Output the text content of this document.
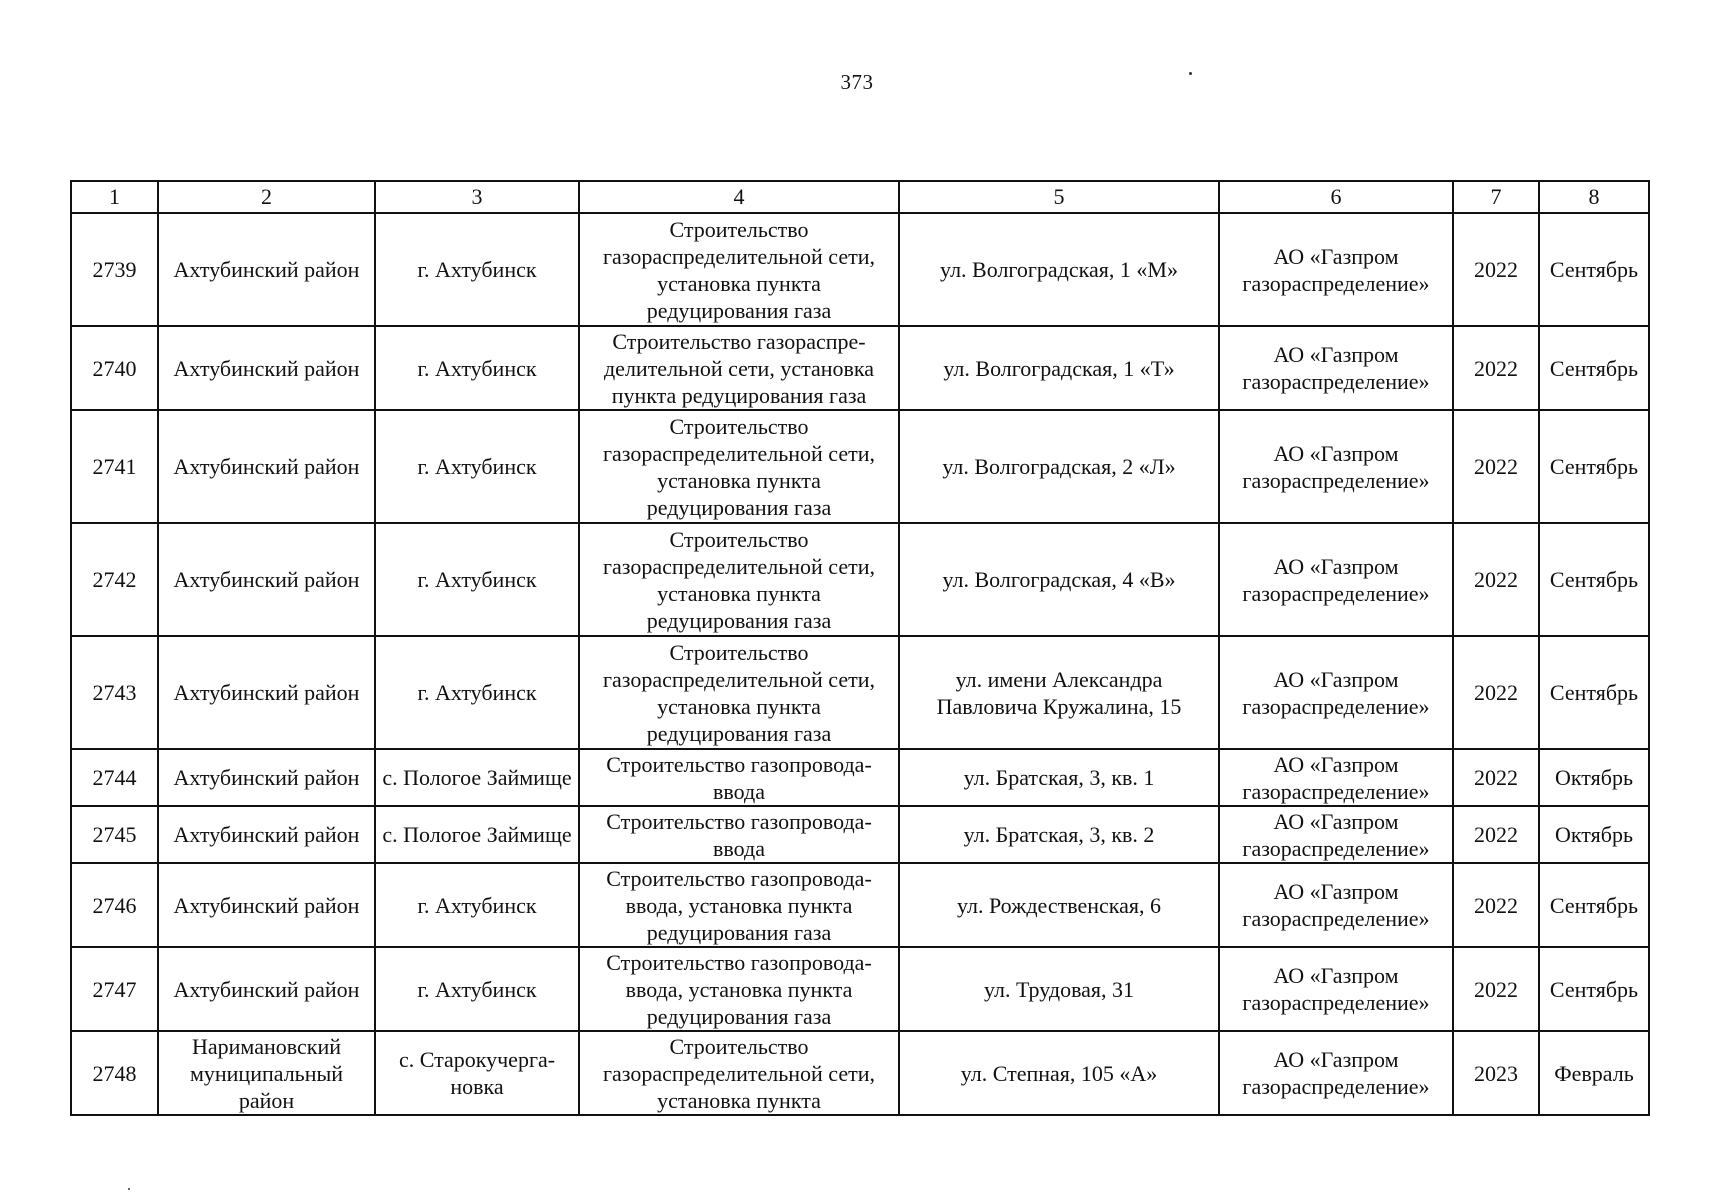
373
1	2	3	4	5	6	7	8
2739	Ахтубинский район	г. Ахтубинск	Строительство газораспределительной сети, установка пункта редуцирования газа	ул. Волгоградская, 1 «М»	АО «Газпром газораспределение»	2022	Сентябрь
2740	Ахтубинский район	г. Ахтубинск	Строительство газораспре-делительной сети, установка пункта редуцирования газа	ул. Волгоградская, 1 «Т»	АО «Газпром газораспределение»	2022	Сентябрь
2741	Ахтубинский район	г. Ахтубинск	Строительство газораспределительной сети, установка пункта редуцирования газа	ул. Волгоградская, 2 «Л»	АО «Газпром газораспределение»	2022	Сентябрь
2742	Ахтубинский район	г. Ахтубинск	Строительство газораспределительной сети, установка пункта редуцирования газа	ул. Волгоградская, 4 «В»	АО «Газпром газораспределение»	2022	Сентябрь
2743	Ахтубинский район	г. Ахтубинск	Строительство газораспределительной сети, установка пункта редуцирования газа	ул. имени Александра Павловича Кружалина, 15	АО «Газпром газораспределение»	2022	Сентябрь
2744	Ахтубинский район	с. Пологое Займище	Строительство газопровода-ввода	ул. Братская, 3, кв. 1	АО «Газпром газораспределение»	2022	Октябрь
2745	Ахтубинский район	с. Пологое Займище	Строительство газопровода-ввода	ул. Братская, 3, кв. 2	АО «Газпром газораспределение»	2022	Октябрь
2746	Ахтубинский район	г. Ахтубинск	Строительство газопровода-ввода, установка пункта редуцирования газа	ул. Рождественская, 6	АО «Газпром газораспределение»	2022	Сентябрь
2747	Ахтубинский район	г. Ахтубинск	Строительство газопровода-ввода, установка пункта редуцирования газа	ул. Трудовая, 31	АО «Газпром газораспределение»	2022	Сентябрь
2748	Наримановский муниципальный район	с. Старокучерга-новка	Строительство газораспределительной сети, установка пункта	ул. Степная, 105 «А»	АО «Газпром газораспределение»	2023	Февраль
